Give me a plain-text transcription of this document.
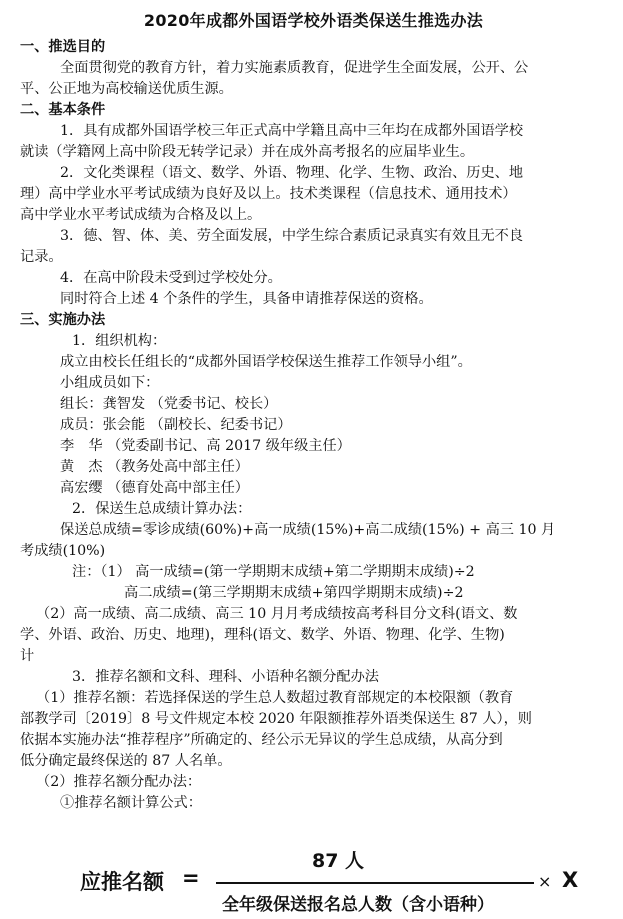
2020年成都外国语学校外语类保送生推选办法
一、推选目的
全面贯彻党的教育方针，着力实施素质教育，促进学生全面发展，公开、公
平、公正地为高校输送优质生源。
二、基本条件
1．具有成都外国语学校三年正式高中学籍且高中三年均在成都外国语学校
就读（学籍网上高中阶段无转学记录）并在成外高考报名的应届毕业生。
2．文化类课程（语文、数学、外语、物理、化学、生物、政治、历史、地
理）高中学业水平考试成绩为良好及以上。技术类课程（信息技术、通用技术）
高中学业水平考试成绩为合格及以上。
3．德、智、体、美、劳全面发展，中学生综合素质记录真实有效且无不良
记录。
4．在高中阶段未受到过学校处分。
同时符合上述 4 个条件的学生，具备申请推荐保送的资格。
三、实施办法
1．组织机构：
成立由校长任组长的“成都外国语学校保送生推荐工作领导小组”。
小组成员如下：
组长：龚智发 （党委书记、校长）
成员：张会能 （副校长、纪委书记）
李　华 （党委副书记、高 2017 级年级主任）
黄　杰 （教务处高中部主任）
高宏缨 （德育处高中部主任）
2．保送生总成绩计算办法：
保送总成绩=零诊成绩(60%)+高一成绩(15%)+高二成绩(15%) + 高三 10 月
考成绩(10%)
注：（1） 高一成绩=(第一学期期末成绩+第二学期期末成绩)÷2
高二成绩=(第三学期期末成绩+第四学期期末成绩)÷2
（2）高一成绩、高二成绩、高三 10 月月考成绩按高考科目分文科(语文、数
学、外语、政治、历史、地理)，理科(语文、数学、外语、物理、化学、生物)
计
3．推荐名额和文科、理科、小语种名额分配办法
（1）推荐名额：若选择保送的学生总人数超过教育部规定的本校限额（教育
部教学司〔2019〕8 号文件规定本校 2020 年限额推荐外语类保送生 87 人），则
依据本实施办法“推荐程序”所确定的、经公示无异议的学生总成绩，从高分到
低分确定最终保送的 87 人名单。
（2）推荐名额分配办法：
①推荐名额计算公式：
应推名额 =
87 人
全年级保送报名总人数（含小语种）
× X
